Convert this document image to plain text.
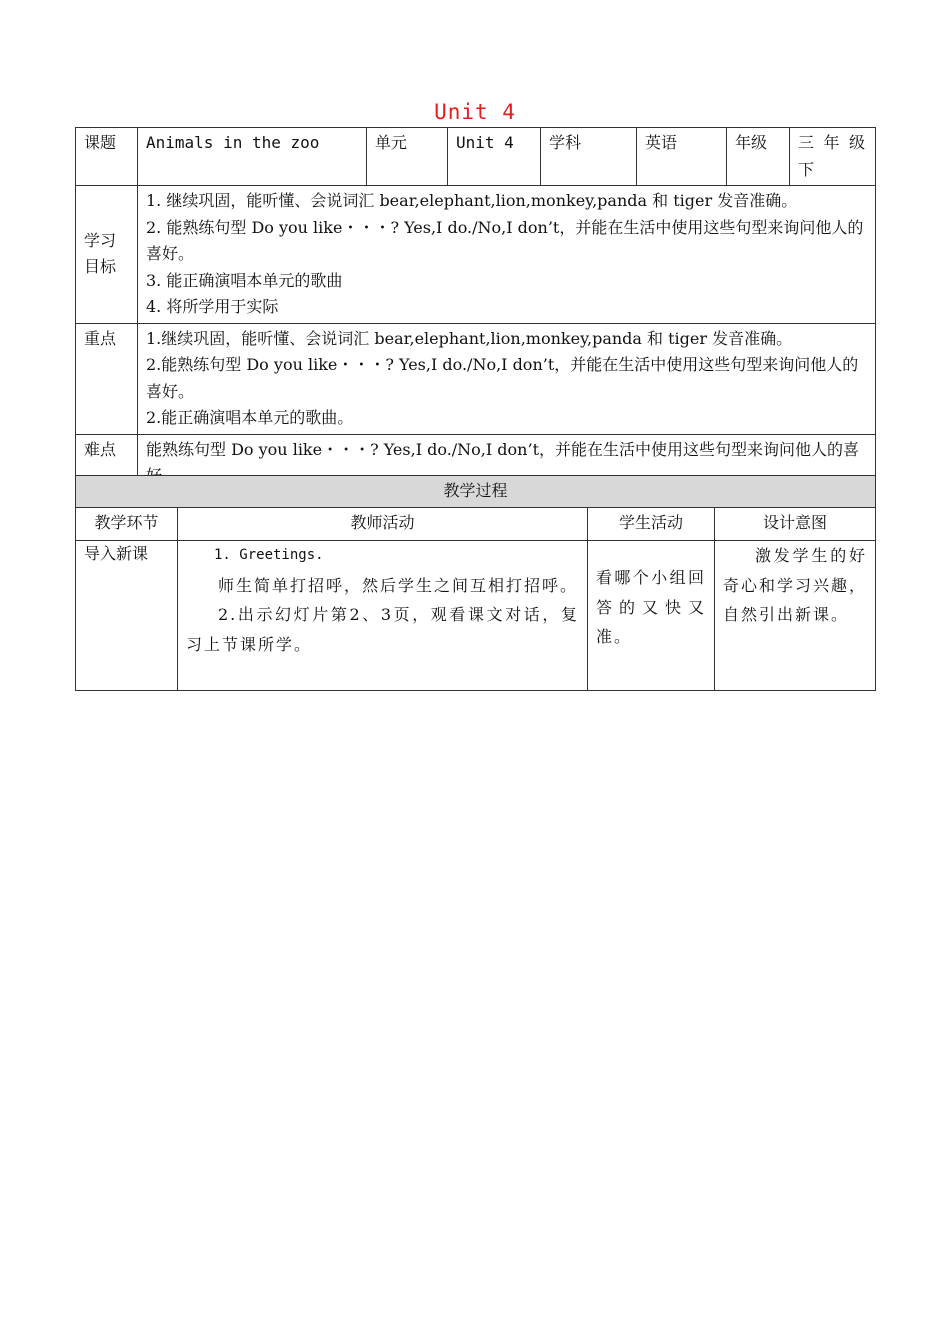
Unit 4
课题	Animals in the zoo	单元	Unit 4	学科	英语	年级	三 年 级 下
学习目标	1. 继续巩固，能听懂、会说词汇 bear,elephant,lion,monkey,panda 和 tiger 发音准确。

2. 能熟练句型 Do you like・・・? Yes,I do./No,I don’t，并能在生活中使用这些句型来询问他人的喜好。

3. 能正确演唱本单元的歌曲

4. 将所学用于实际						

重点	1.继续巩固，能听懂、会说词汇 bear,elephant,lion,monkey,panda 和 tiger 发音准确。

2.能熟练句型 Do you like・・・? Yes,I do./No,I don’t，并能在生活中使用这些句型来询问他人的喜好。

2.能正确演唱本单元的歌曲。						

难点	能熟练句型 Do you like・・・? Yes,I do./No,I don’t，并能在生活中使用这些句型来询问他人的喜						
教学过程			
教学环节	教师活动	学生活动	设计意图
导入新课	1. Greetings.

师生简单打招呼，然后学生之间互相打招呼。

2.出示幻灯片第2、3页，观看课文对话，复习上节课所学。	看哪个小组回答的又快又准。	激发学生的好奇心和学习兴趣，自然引出新课。
